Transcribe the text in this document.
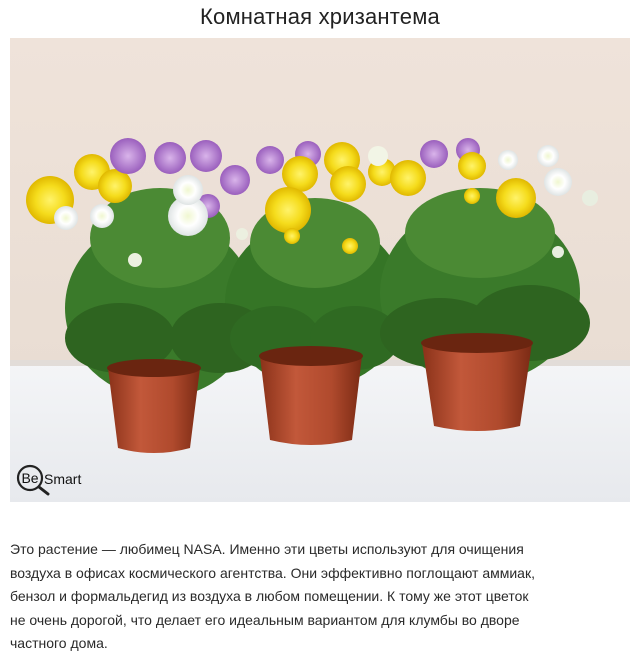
Комнатная хризантема
Be Smart

Это растение — любимец NASA. Именно эти цветы используют для очищения

воздуха в офисах космического агентства. Они эффективно поглощают аммиак,

бензол и формальдегид из воздуха в любом помещении. К тому же этот цветок

не очень дорогой, что делает его идеальным вариантом для клумбы во дворе

частного дома.
